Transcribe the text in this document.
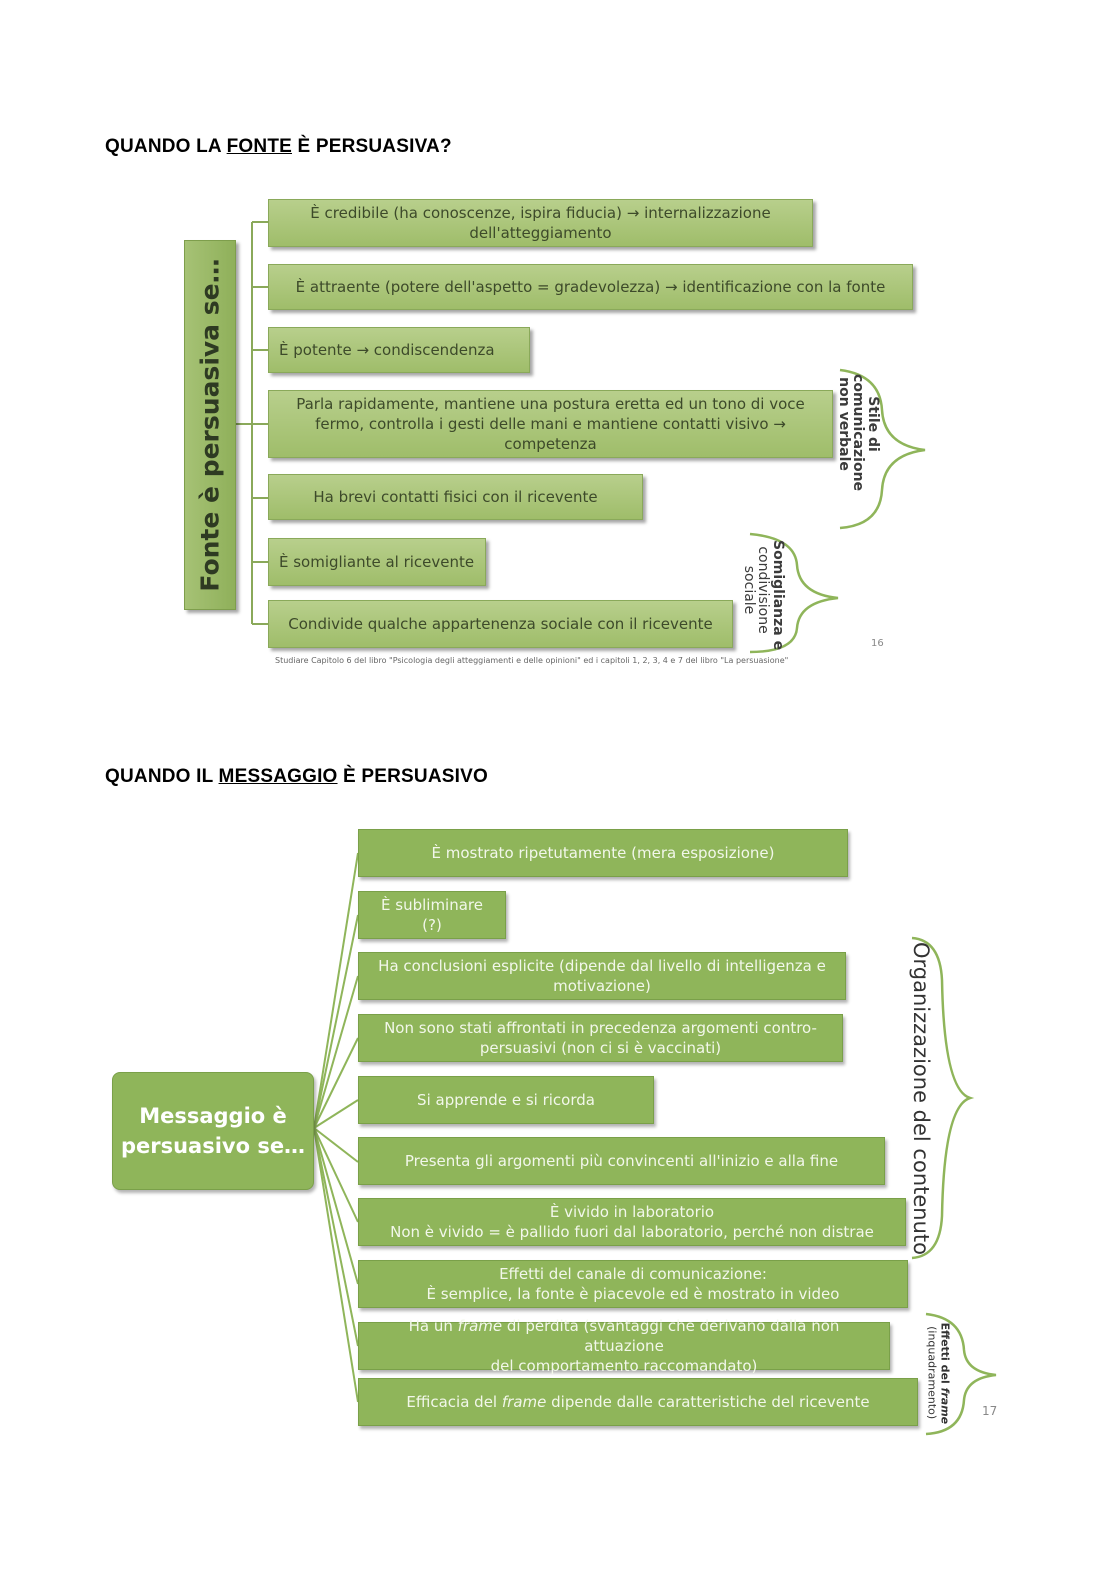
QUANDO LA FONTE È PERSUASIVA?
Fonte è persuasiva se…
È credibile (ha conoscenze, ispira fiducia) → internalizzazione dell'atteggiamento
È attraente (potere dell'aspetto = gradevolezza) → identificazione con la fonte
È potente → condiscendenza
Parla rapidamente, mantiene una postura eretta ed un tono di voce fermo, controlla i gesti delle mani e mantiene contatti visivo → competenza
Ha brevi contatti fisici con il ricevente
È somigliante al ricevente
Condivide qualche appartenenza sociale con il ricevente
Stile di
comunicazione
non verbale
Somiglianza e
condivisione
sociale
Studiare Capitolo 6 del libro "Psicologia degli atteggiamenti e delle opinioni" ed i capitoli 1, 2, 3, 4 e 7 del libro "La persuasione"
16
QUANDO IL MESSAGGIO È PERSUASIVO
Messaggio è persuasivo se…
È mostrato ripetutamente (mera esposizione)
È subliminare (?)
Ha conclusioni esplicite (dipende dal livello di intelligenza e
motivazione)
Non sono stati affrontati in precedenza argomenti contro-
persuasivi (non ci si è vaccinati)
Si apprende e si ricorda
Presenta gli argomenti più convincenti all'inizio e alla fine
È vivido in laboratorio
Non è vivido = è pallido fuori dal laboratorio, perché non distrae
Effetti del canale di comunicazione:
È semplice, la fonte è piacevole ed è mostrato in video
Ha un frame di perdita (svantaggi che derivano dalla non attuazione
del comportamento raccomandato)
Efficacia del frame dipende dalle caratteristiche del ricevente
Organizzazione del contenuto
Effetti del frame
(inquadramento)	17
